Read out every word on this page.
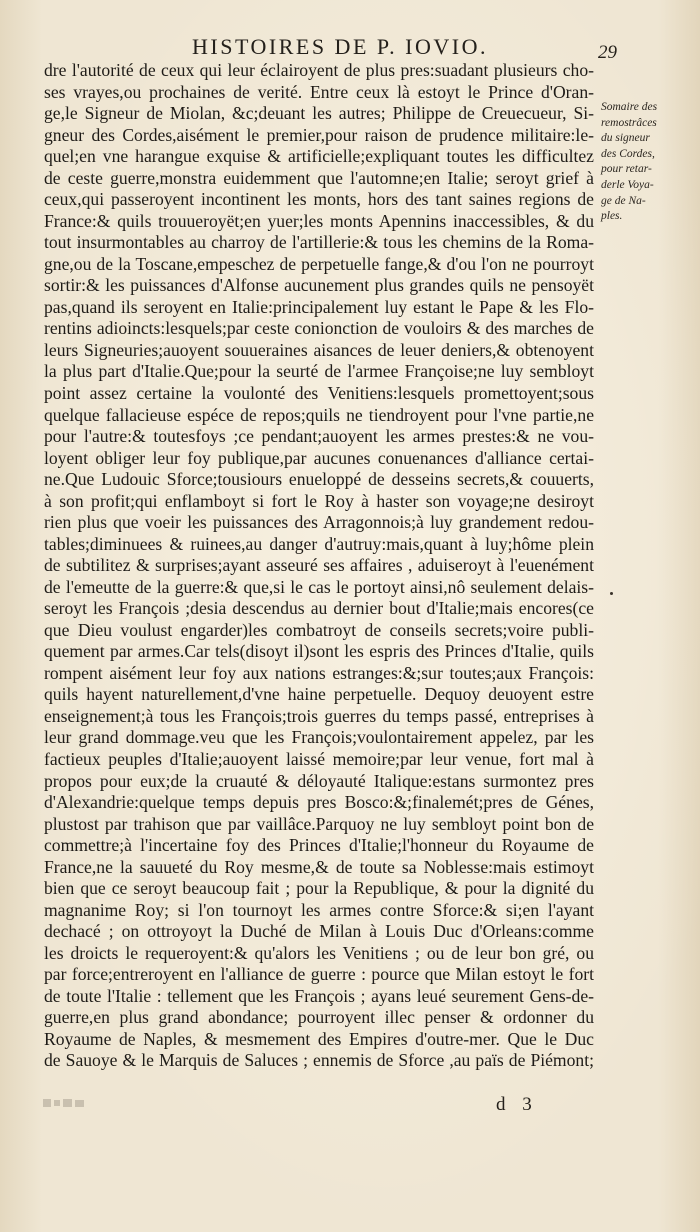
HISTOIRES DE P. IOVIO.	29
dre l'autorité de ceux qui leur éclairoyent de plus pres:suadant plusieurs cho-
ses vrayes,ou prochaines de verité. Entre ceux là estoyt le Prince d'Oran-
ge,le Signeur de Miolan, &c;deuant les autres; Philippe de Creuecueur, Si-
gneur des Cordes,aisément le premier,pour raison de prudence militaire:le-
quel;en vne harangue exquise & artificielle;expliquant toutes les difficultez
de ceste guerre,monstra euidemment que l'automne;en Italie; seroyt grief à
ceux,qui passeroyent incontinent les monts, hors des tant saines regions de
France:& quils trouueroyët;en yuer;les monts Apennins inaccessibles, & du
tout insurmontables au charroy de l'artillerie:& tous les chemins de la Roma-
gne,ou de la Toscane,empeschez de perpetuelle fange,& d'ou l'on ne pourroyt
sortir:& les puissances d'Alfonse aucunement plus grandes quils ne pensoyët
pas,quand ils seroyent en Italie:principalement luy estant le Pape & les Flo-
rentins adioincts:lesquels;par ceste conionction de vouloirs & des marches de
leurs Signeuries;auoyent souueraines aisances de leuer deniers,& obtenoyent
la plus part d'Italie.Que;pour la seurté de l'armee Françoise;ne luy sembloyt
point assez certaine la voulonté des Venitiens:lesquels promettoyent;sous
quelque fallacieuse espéce de repos;quils ne tiendroyent pour l'vne partie,ne
pour l'autre:& toutesfoys ;ce pendant;auoyent les armes prestes:& ne vou-
loyent obliger leur foy publique,par aucunes conuenances d'alliance certai-
ne.Que Ludouic Sforce;tousiours enueloppé de desseins secrets,& couuerts,
à son profit;qui enflamboyt si fort le Roy à haster son voyage;ne desiroyt
rien plus que voeir les puissances des Arragonnois;à luy grandement redou-
tables;diminuees & ruinees,au danger d'autruy:mais,quant à luy;hôme plein
de subtilitez & surprises;ayant asseuré ses affaires , aduiseroyt à l'euenément
de l'emeutte de la guerre:& que,si le cas le portoyt ainsi,nô seulement delais-
seroyt les François ;desia descendus au dernier bout d'Italie;mais encores(ce
que Dieu voulust engarder)les combatroyt de conseils secrets;voire publi-
quement par armes.Car tels(disoyt il)sont les espris des Princes d'Italie, quils
rompent aisément leur foy aux nations estranges:&;sur toutes;aux François:
quils hayent naturellement,d'vne haine perpetuelle. Dequoy deuoyent estre
enseignement;à tous les François;trois guerres du temps passé, entreprises à
leur grand dommage.veu que les François;voulontairement appelez, par les
factieux peuples d'Italie;auoyent laissé memoire;par leur venue, fort mal à
propos pour eux;de la cruauté & déloyauté Italique:estans surmontez pres
d'Alexandrie:quelque temps depuis pres Bosco:&;finalemét;pres de Génes,
plustost par trahison que par vaillâce.Parquoy ne luy sembloyt point bon de
commettre;à l'incertaine foy des Princes d'Italie;l'honneur du Royaume de
France,ne la sauueté du Roy mesme,& de toute sa Noblesse:mais estimoyt
bien que ce seroyt beaucoup fait ; pour la Republique, & pour la dignité du
magnanime Roy; si l'on tournoyt les armes contre Sforce:& si;en l'ayant
dechacé ; on ottroyoyt la Duché de Milan à Louis Duc d'Orleans:comme
les droicts le requeroyent:& qu'alors les Venitiens ; ou de leur bon gré, ou
par force;entreroyent en l'alliance de guerre : pource que Milan estoyt le fort
de toute l'Italie : tellement que les François ; ayans leué seurement Gens-de-
guerre,en plus grand abondance; pourroyent illec penser & ordonner du
Royaume de Naples, & mesmement des Empires d'outre-mer. Que le Duc
de Sauoye & le Marquis de Saluces ; ennemis de Sforce ,au païs de Piémont;
Somaire des
remostrâces
du signeur
des Cordes,
pour retar-
derle Voya-
ge de Na-
ples.
d 3
